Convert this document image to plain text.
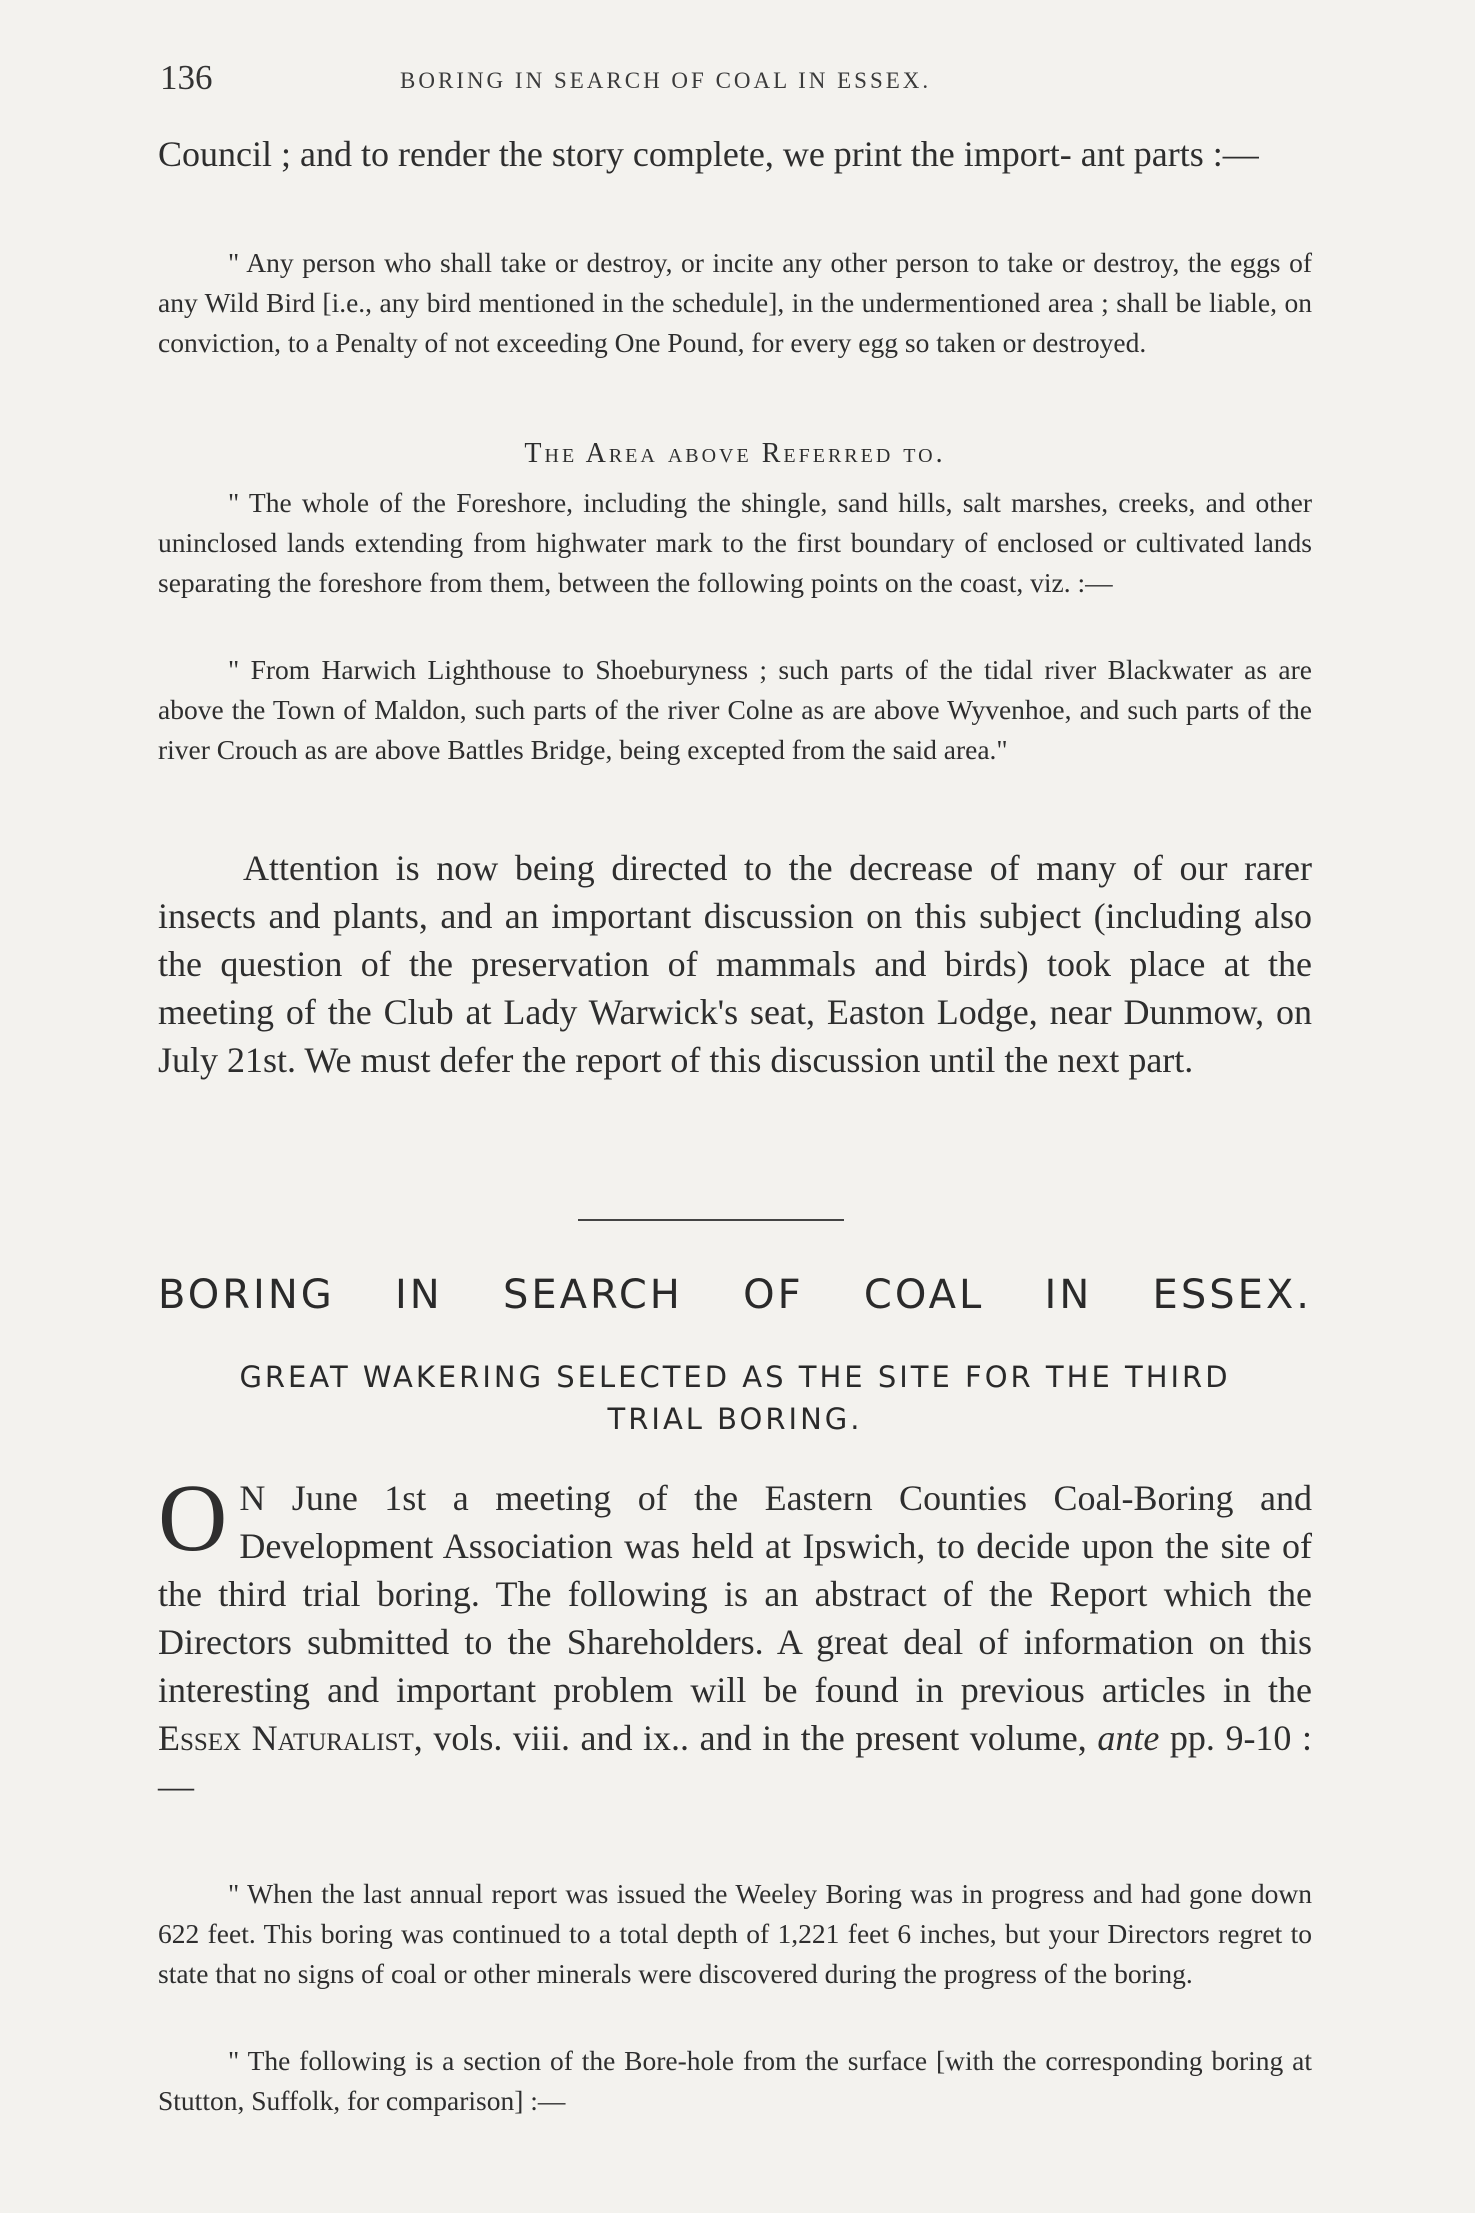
136	BORING IN SEARCH OF COAL IN ESSEX.

Council ; and to render the story complete, we print the import- ant parts :—

" Any person who shall take or destroy, or incite any other person to take or destroy, the eggs of any Wild Bird [i.e., any bird mentioned in the schedule], in the undermentioned area ; shall be liable, on conviction, to a Penalty of not exceeding One Pound, for every egg so taken or destroyed.

The Area above Referred to.

" The whole of the Foreshore, including the shingle, sand hills, salt marshes, creeks, and other uninclosed lands extending from highwater mark to the first boundary of enclosed or cultivated lands separating the foreshore from them, between the following points on the coast, viz. :—

" From Harwich Lighthouse to Shoeburyness ; such parts of the tidal river Blackwater as are above the Town of Maldon, such parts of the river Colne as are above Wyvenhoe, and such parts of the river Crouch as are above Battles Bridge, being excepted from the said area."

Attention is now being directed to the decrease of many of our rarer insects and plants, and an important discussion on this subject (including also the question of the preservation of mammals and birds) took place at the meeting of the Club at Lady Warwick's seat, Easton Lodge, near Dunmow, on July 21st. We must defer the report of this discussion until the next part.

BORING IN SEARCH OF COAL IN ESSEX.
GREAT WAKERING SELECTED AS THE SITE FOR THE THIRD TRIAL BORING.
O N June 1st a meeting of the Eastern Counties Coal-Boring and Development Association was held at Ipswich, to decide upon the site of the third trial boring. The following is an abstract of the Report which the Directors submitted to the Shareholders. A great deal of information on this interesting and important problem will be found in previous articles in the Essex Naturalist, vols. viii. and ix.. and in the present volume, ante pp. 9-10 :—

" When the last annual report was issued the Weeley Boring was in progress and had gone down 622 feet. This boring was continued to a total depth of 1,221 feet 6 inches, but your Directors regret to state that no signs of coal or other minerals were discovered during the progress of the boring.

" The following is a section of the Bore-hole from the surface [with the corresponding boring at Stutton, Suffolk, for comparison] :—
